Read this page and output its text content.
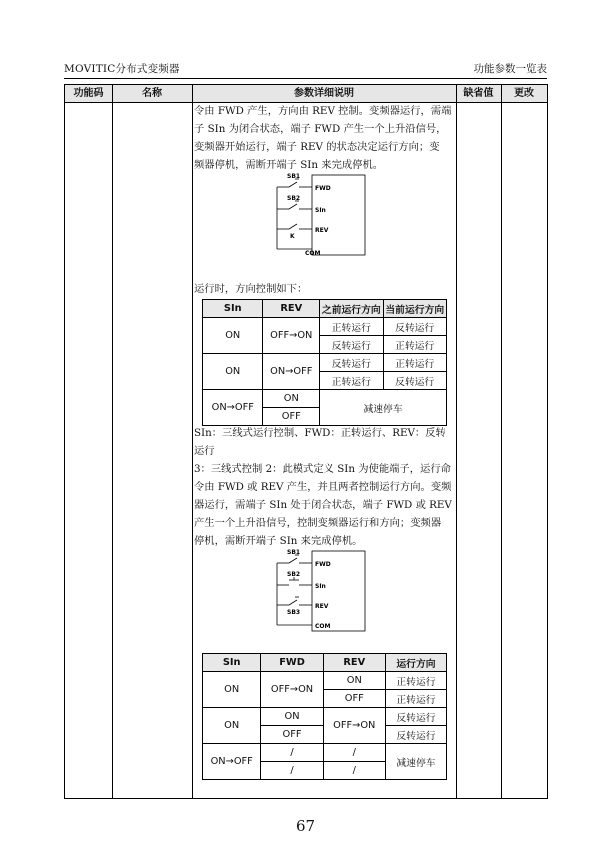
MOVITIC分布式变频器	功能参数一览表
功能码	名称	参数详细说明	缺省值	更改
令由 FWD 产生，方向由 REV 控制。变频器运行，需端
子 SIn 为闭合状态，端子 FWD 产生一个上升沿信号，
变频器开始运行，端子 REV 的状态决定运行方向；变
频器停机，需断开端子 SIn 来完成停机。
SB1
FWD
SB2
SIn
K
REV
COM
运行时，方向控制如下：
SIn	REV	之前运行方向	当前运行方向
ON	OFF→ON	正转运行	反转运行
		反转运行	正转运行
ON	ON→OFF	反转运行	正转运行
		正转运行	反转运行
ON→OFF	ON	减速停车	
	OFF		
SIn：三线式运行控制、FWD：正转运行、REV：反转
运行
3：三线式控制 2：此模式定义 SIn 为使能端子，运行命
令由 FWD 或 REV 产生，并且两者控制运行方向。变频
器运行，需端子 SIn 处于闭合状态，端子 FWD 或 REV
产生一个上升沿信号，控制变频器运行和方向；变频器
停机，需断开端子 SIn 来完成停机。
SB1
FWD
SB2
SIn
SB3
REV
COM
SIn	FWD	REV	运行方向
ON	OFF→ON	ON	正转运行
		OFF	正转运行
ON	ON	OFF→ON	反转运行
	OFF		反转运行
ON→OFF	/	/	减速停车
	/	/	
67
